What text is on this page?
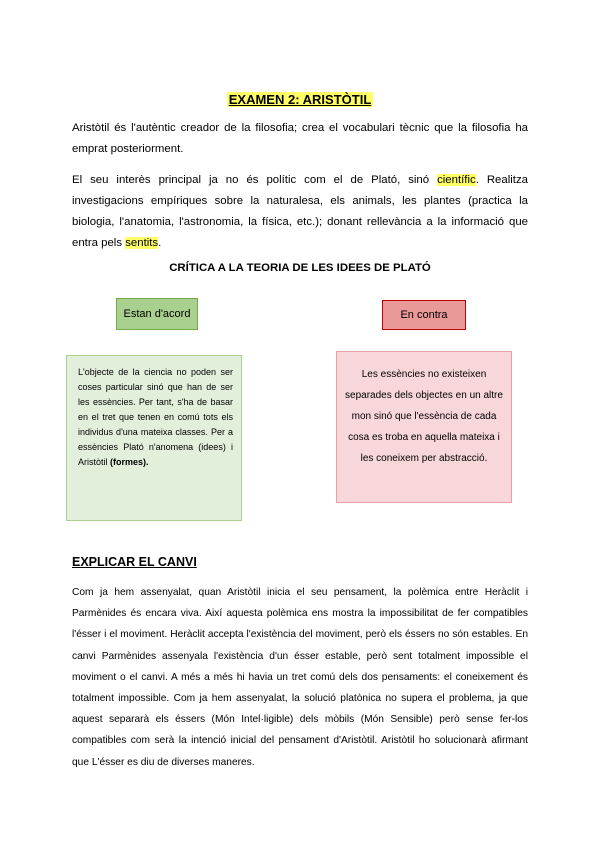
EXAMEN 2: ARISTÒTIL

Aristòtil és l'autèntic creador de la filosofia; crea el vocabulari tècnic que la filosofia ha emprat posteriorment.

El seu interès principal ja no és polític com el de Plató, sinó científic. Realitza investigacions empíriques sobre la naturalesa, els animals, les plantes (practica la biologia, l'anatomia, l'astronomia, la física, etc.); donant rellevància a la informació que entra pels sentits.

CRÍTICA A LA TEORIA DE LES IDEES DE PLATÓ
Estan d'acord	En contra

L'objecte de la ciencia no poden ser coses particular sinó que han de ser les essències. Per tant, s'ha de basar en el tret que tenen en comú tots els individus d'una mateixa classes. Per a essències Plató n'anomena (idees) i Aristòtil (formes).

Les essències no existeixen separades dels objectes en un altre mon sinó que l'essència de cada cosa es troba en aquella mateixa i les coneixem per abstracció.

EXPLICAR EL CANVI

Com ja hem assenyalat, quan Aristòtil inicia el seu pensament, la polèmica entre Heràclit i Parmènides és encara viva. Així aquesta polèmica ens mostra la impossibilitat de fer compatibles l'ésser i el moviment. Heràclit accepta l'existència del moviment, però els éssers no són estables. En canvi Parmènides assenyala l'existència d'un ésser estable, però sent totalment impossible el moviment o el canvi. A més a més hi havia un tret comú dels dos pensaments: el coneixement és totalment impossible. Com ja hem assenyalat, la solució platònica no supera el problema, ja que aquest separarà els éssers (Món Intel·ligible) dels mòbils (Món Sensible) però sense fer-los compatibles com serà la intenció inicial del pensament d'Aristòtil. Aristòtil ho solucionarà afirmant que L'ésser es diu de diverses maneres.
